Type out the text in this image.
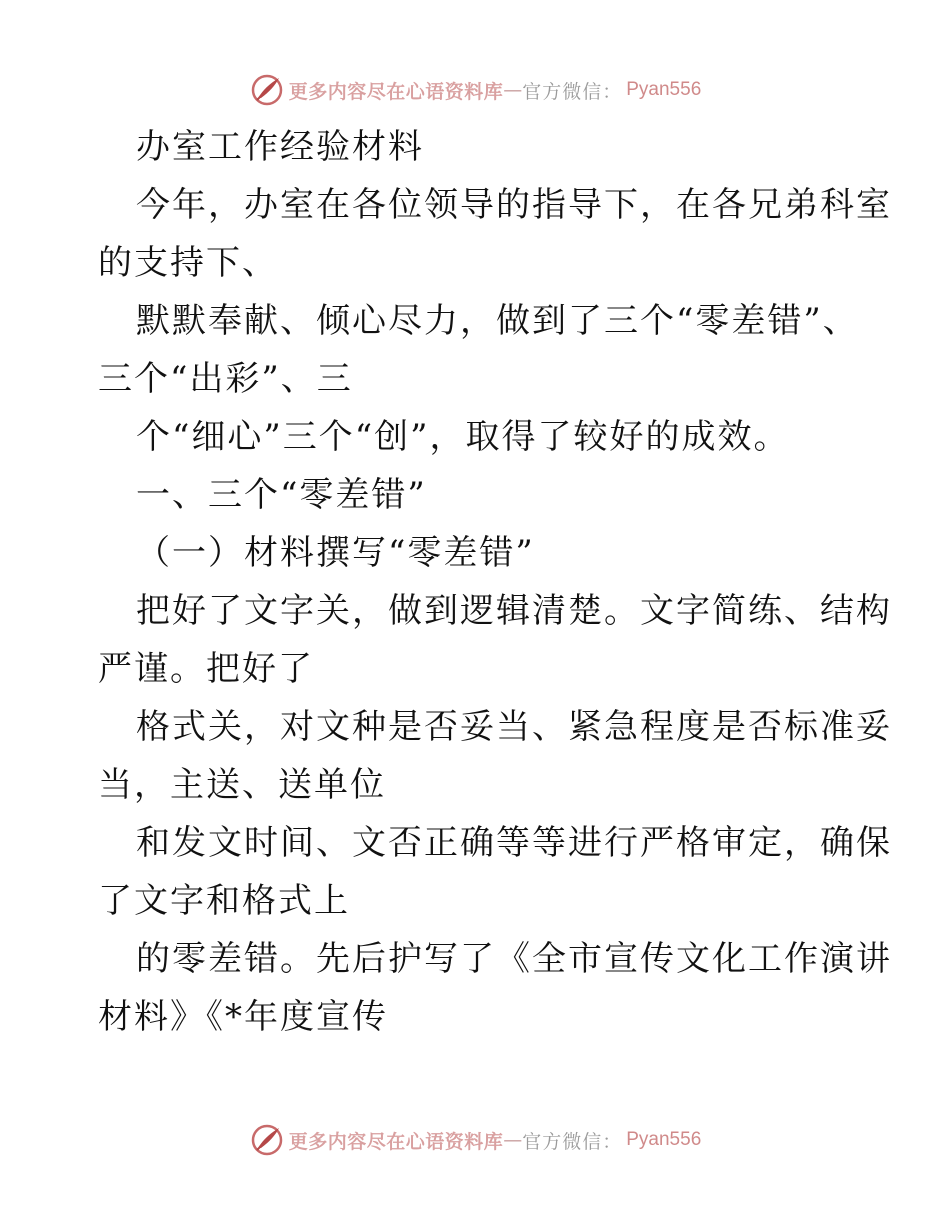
更多内容尽在心语资料库 — 官方微信： Pyan556
办室工作经验材料
今年，办室在各位领导的指导下，在各兄弟科室
的支持下、
默默奉献、倾心尽力，做到了三个“零差错”、
三个“出彩”、三
个“细心”三个“创”，取得了较好的成效。
一、三个“零差错”
（一）材料撰写“零差错”
把好了文字关，做到逻辑清楚。文字简练、结构
严谨。把好了
格式关，对文种是否妥当、紧急程度是否标准妥
当，主送、送单位
和发文时间、文否正确等等进行严格审定，确保
了文字和格式上
的零差错。先后护写了《全市宣传文化工作演讲
材料》《*年度宣传
更多内容尽在心语资料库 — 官方微信： Pyan556
